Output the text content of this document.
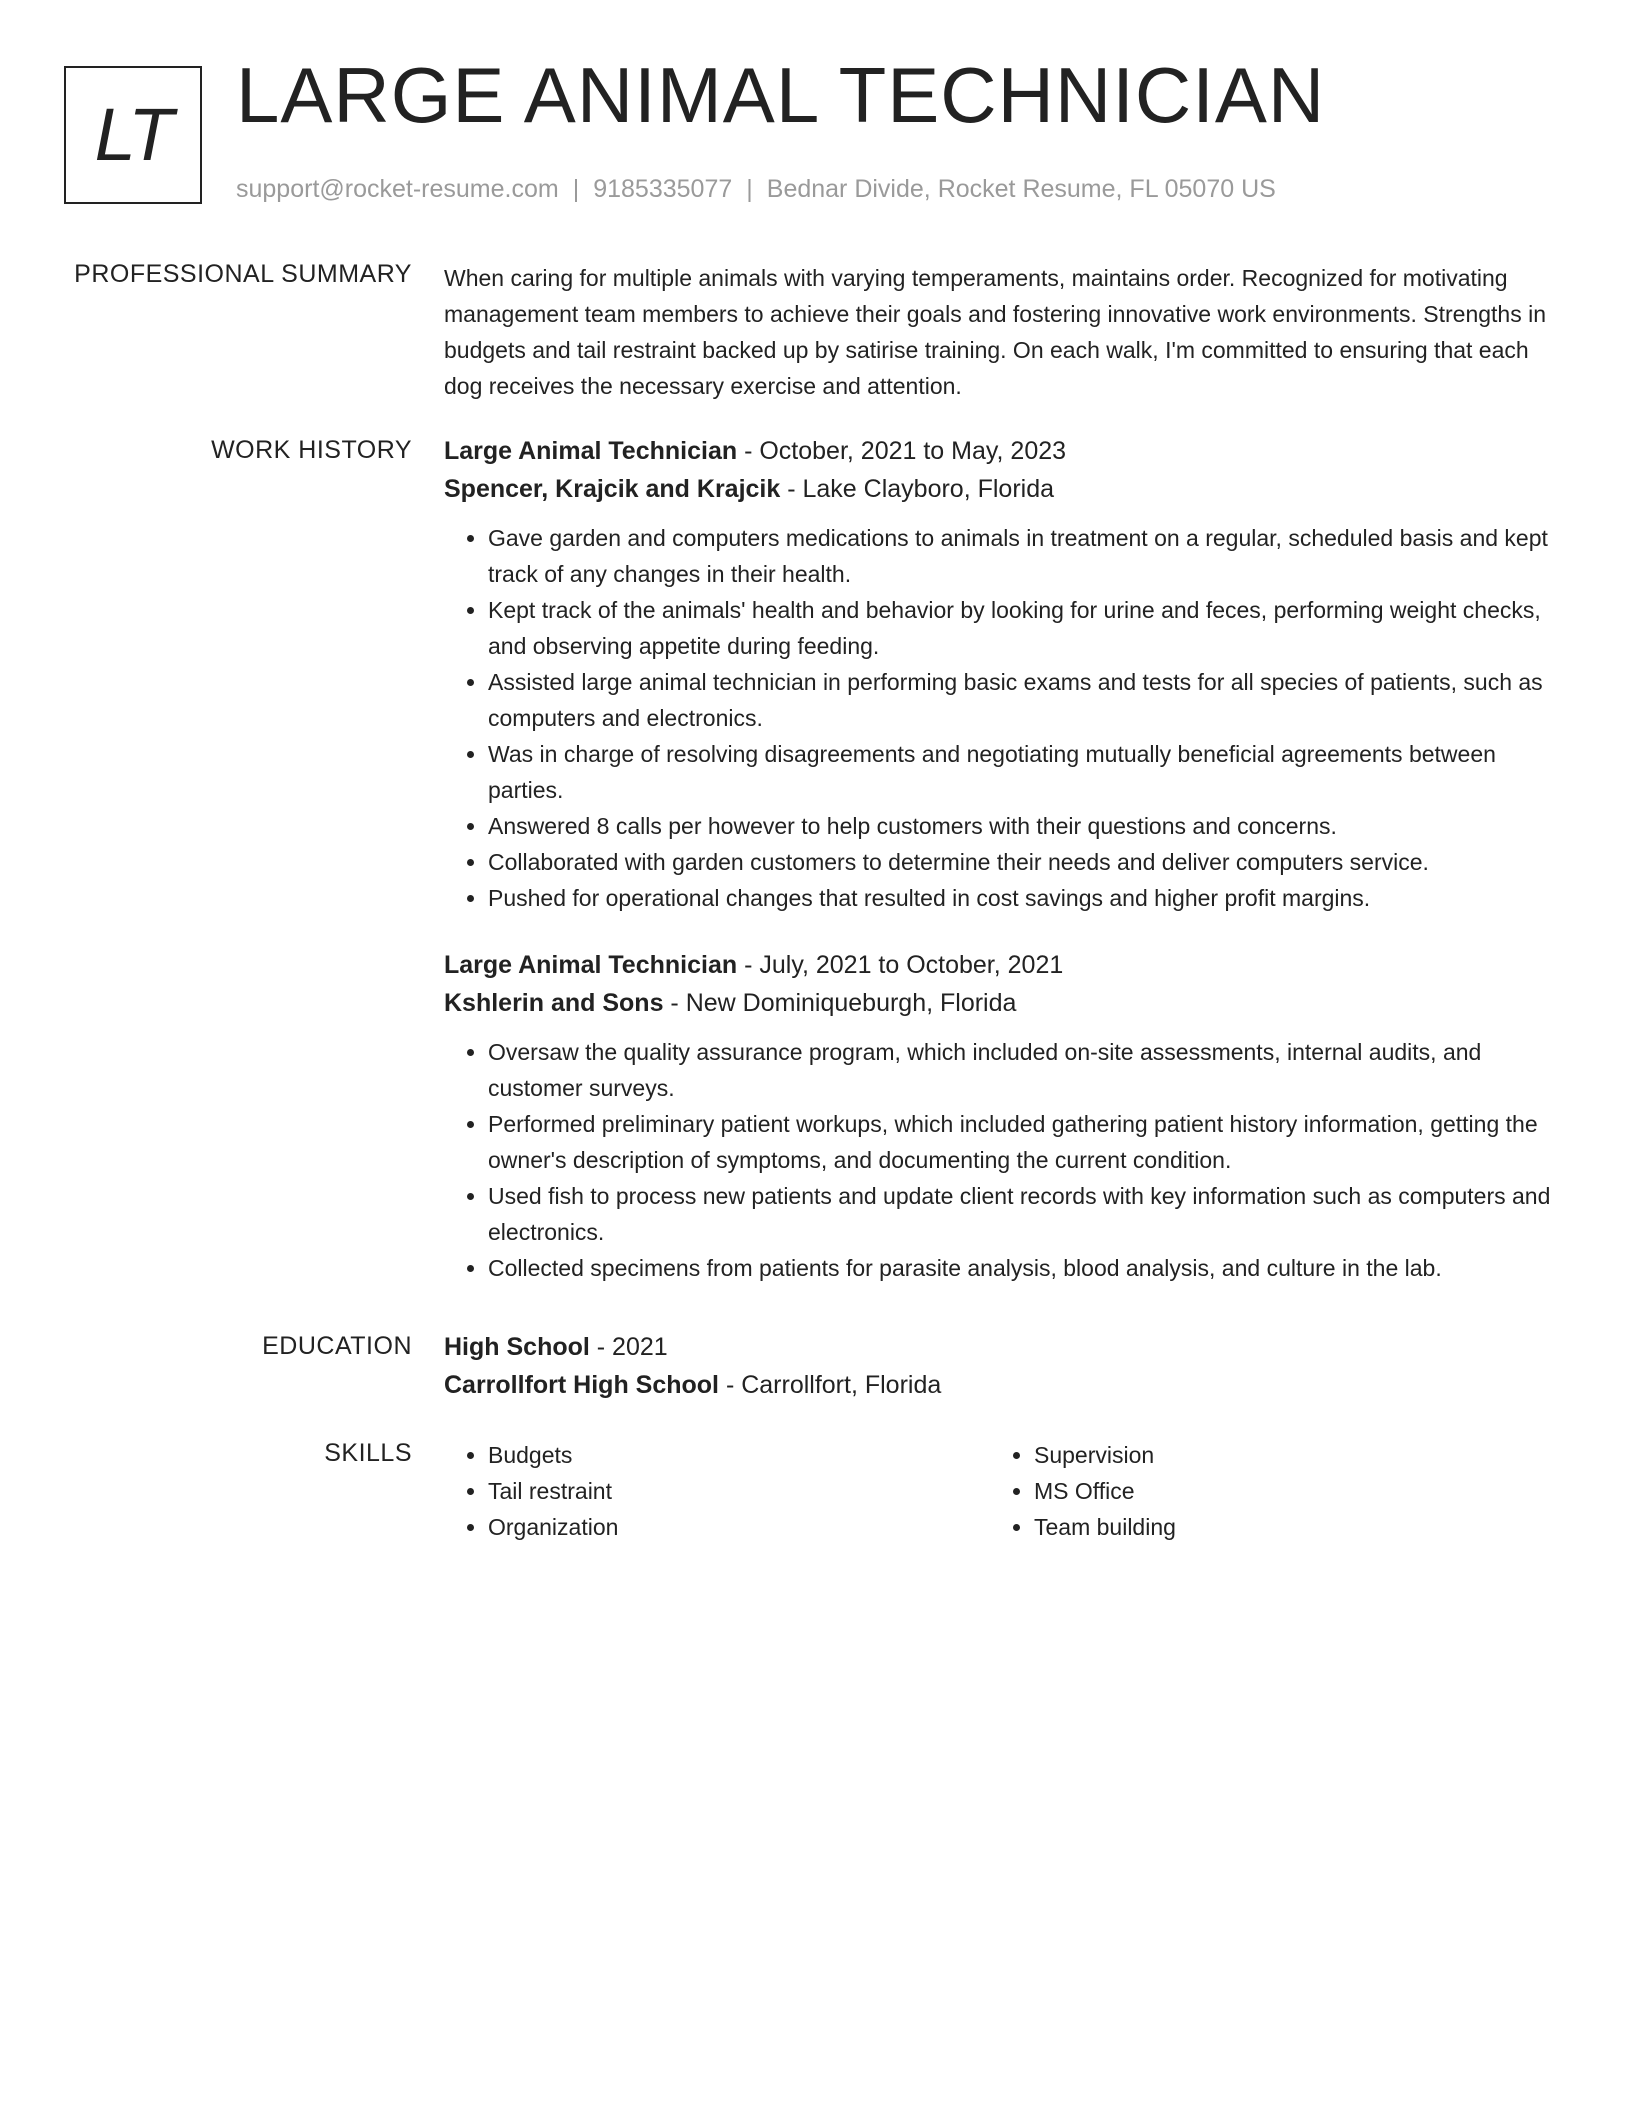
LT LARGE ANIMAL TECHNICIAN
support@rocket-resume.com | 9185335077 | Bednar Divide, Rocket Resume, FL 05070 US
PROFESSIONAL SUMMARY When caring for multiple animals with varying temperaments, maintains order. Recognized for motivating management team members to achieve their goals and fostering innovative work environments. Strengths in budgets and tail restraint backed up by satirise training. On each walk, I'm committed to ensuring that each dog receives the necessary exercise and attention.

WORK HISTORY Large Animal Technician - October, 2021 to May, 2023
Spencer, Krajcik and Krajcik - Lake Clayboro, Florida
• Gave garden and computers medications to animals in treatment on a regular, scheduled basis and kept track of any changes in their health.
• Kept track of the animals' health and behavior by looking for urine and feces, performing weight checks, and observing appetite during feeding.
• Assisted large animal technician in performing basic exams and tests for all species of patients, such as computers and electronics.
• Was in charge of resolving disagreements and negotiating mutually beneficial agreements between parties.
• Answered 8 calls per however to help customers with their questions and concerns.
• Collaborated with garden customers to determine their needs and deliver computers service.
• Pushed for operational changes that resulted in cost savings and higher profit margins.
Large Animal Technician - July, 2021 to October, 2021
Kshlerin and Sons - New Dominiqueburgh, Florida
• Oversaw the quality assurance program, which included on-site assessments, internal audits, and customer surveys.
• Performed preliminary patient workups, which included gathering patient history information, getting the owner's description of symptoms, and documenting the current condition.
• Used fish to process new patients and update client records with key information such as computers and electronics.
• Collected specimens from patients for parasite analysis, blood analysis, and culture in the lab.
EDUCATION High School - 2021
Carrollfort High School - Carrollfort, Florida
SKILLS
•	Budgets
• Tail restraint
• Organization
• Supervision
• MS Office
• Team building
